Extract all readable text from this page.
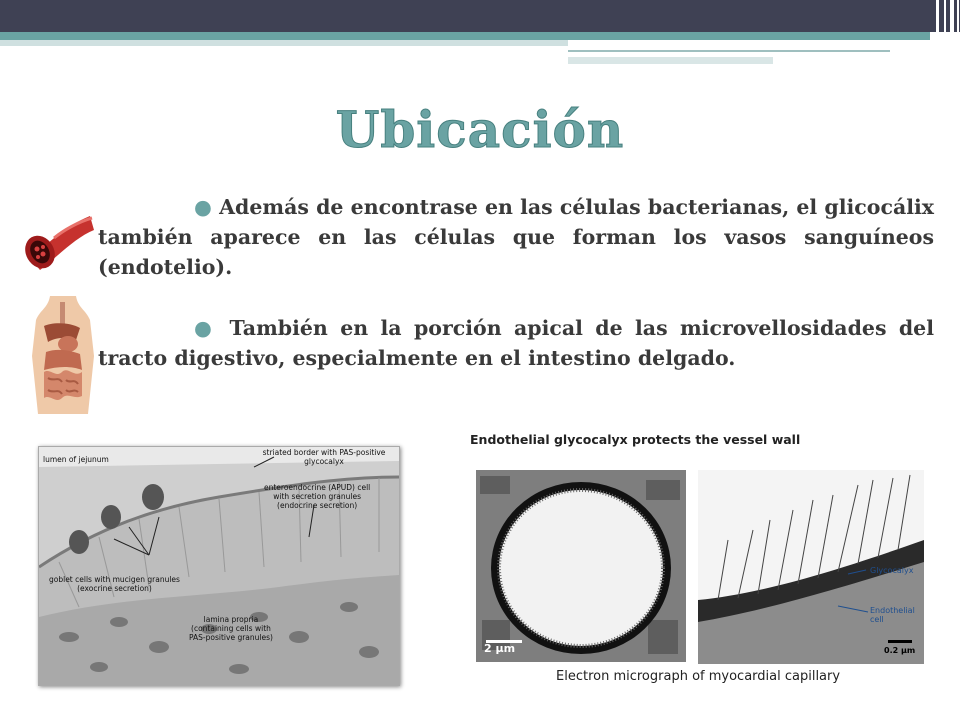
Ubicación
● Además de encontrase en las células bacterianas, el glicocálix también aparece en las células que forman los vasos sanguíneos (endotelio).
● También en la porción apical de las microvellosidades del tracto digestivo, especialmente en el intestino delgado.
lumen of jejunum
striated border with PAS-positive glycocalyx
enteroendocrine (APUD) cell
with secretion granules
(endocrine secretion)
goblet cells with mucigen granules
(exocrine secretion)
lamina propria
(containing cells with
PAS-positive granules)
Endothelial glycocalyx protects the vessel wall
2 µm
Glycocalyx
Endothelial
cell
0.2 µm
Electron micrograph of myocardial capillary
